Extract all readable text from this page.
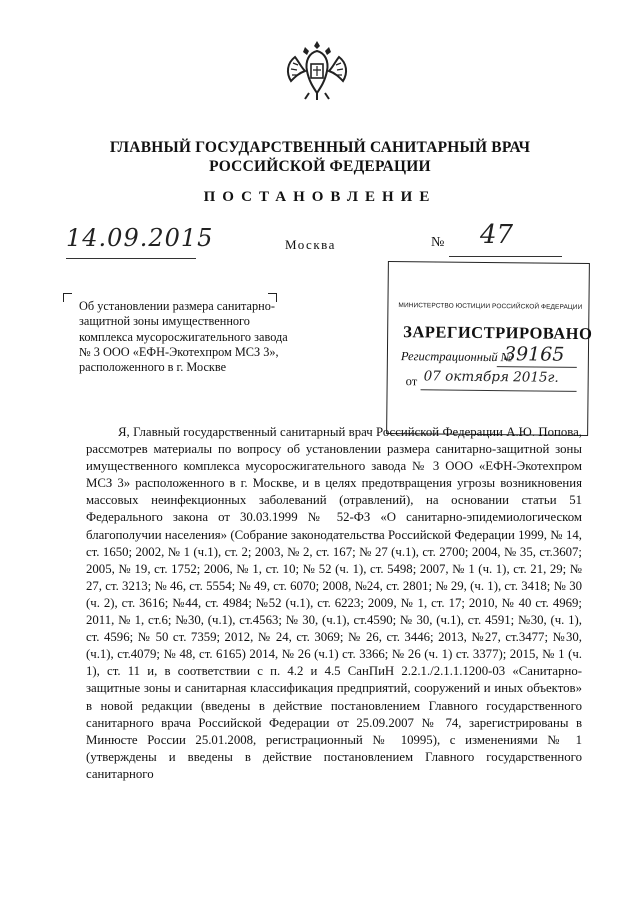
ГЛАВНЫЙ ГОСУДАРСТВЕННЫЙ САНИТАРНЫЙ ВРАЧ
РОССИЙСКОЙ ФЕДЕРАЦИИ
ПОСТАНОВЛЕНИЕ
14.09.2015	Москва	№ 47
Об установлении размера санитарно-защитной зоны имущественного комплекса мусоросжигательного завода № 3 ООО «ЕФН-Экотехпром МСЗ 3», расположенного в г. Москве
МИНИСТЕРСТВО ЮСТИЦИИ РОССИЙСКОЙ ФЕДЕРАЦИИ
ЗАРЕГИСТРИРОВАНО
Регистрационный №
39165
от 07 октября 2015г.

Я, Главный государственный санитарный врач Российской Федерации А.Ю. Попова, рассмотрев материалы по вопросу об установлении размера санитарно-защитной зоны имущественного комплекса мусоросжигательного завода № 3 ООО «ЕФН-Экотехпром МСЗ 3» расположенного в г. Москве, и в целях предотвращения угрозы возникновения массовых неинфекционных заболеваний (отравлений), на основании статьи 51 Федерального закона от 30.03.1999 № 52-ФЗ «О санитарно-эпидемиологическом благополучии населения» (Собрание законодательства Российской Федерации 1999, № 14, ст. 1650; 2002, № 1 (ч.1), ст. 2; 2003, № 2, ст. 167; № 27 (ч.1), ст. 2700; 2004, № 35, ст.3607; 2005, № 19, ст. 1752; 2006, № 1, ст. 10; № 52 (ч. 1), ст. 5498; 2007, № 1 (ч. 1), ст. 21, 29; № 27, ст. 3213; № 46, ст. 5554; № 49, ст. 6070; 2008, №24, ст. 2801; № 29, (ч. 1), ст. 3418; № 30 (ч. 2), ст. 3616; №44, ст. 4984; №52 (ч.1), ст. 6223; 2009, № 1, ст. 17; 2010, № 40 ст. 4969; 2011, № 1, ст.6; №30, (ч.1), ст.4563; № 30, (ч.1), ст.4590; № 30, (ч.1), ст. 4591; №30, (ч. 1), ст. 4596; № 50 ст. 7359; 2012, № 24, ст. 3069; № 26, ст. 3446; 2013, №27, ст.3477; №30, (ч.1), ст.4079; № 48, ст. 6165) 2014, № 26 (ч.1) ст. 3366; № 26 (ч. 1) ст. 3377); 2015, № 1 (ч. 1), ст. 11 и, в соответствии с п. 4.2 и 4.5 СанПиН 2.2.1./2.1.1.1200-03 «Санитарно-защитные зоны и санитарная классификация предприятий, сооружений и иных объектов» в новой редакции (введены в действие постановлением Главного государственного санитарного врача Российской Федерации от 25.09.2007 № 74, зарегистрированы в Минюсте России 25.01.2008, регистрационный № 10995), с изменениями № 1 (утверждены и введены в действие постановлением Главного государственного санитарного
